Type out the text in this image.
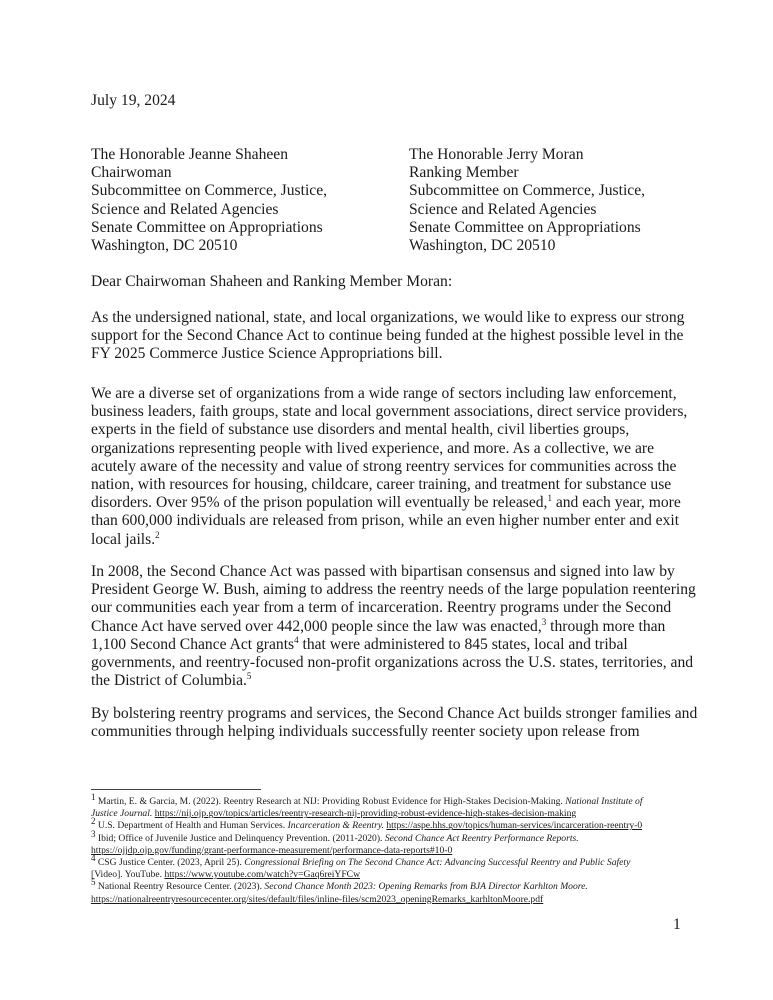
July 19, 2024
The Honorable Jeanne Shaheen
Chairwoman
Subcommittee on Commerce, Justice,
Science and Related Agencies
Senate Committee on Appropriations
Washington, DC 20510
The Honorable Jerry Moran
Ranking Member
Subcommittee on Commerce, Justice,
Science and Related Agencies
Senate Committee on Appropriations
Washington, DC 20510
Dear Chairwoman Shaheen and Ranking Member Moran:
As the undersigned national, state, and local organizations, we would like to express our strong
support for the Second Chance Act to continue being funded at the highest possible level in the
FY 2025 Commerce Justice Science Appropriations bill.
We are a diverse set of organizations from a wide range of sectors including law enforcement,
business leaders, faith groups, state and local government associations, direct service providers,
experts in the field of substance use disorders and mental health, civil liberties groups,
organizations representing people with lived experience, and more. As a collective, we are
acutely aware of the necessity and value of strong reentry services for communities across the
nation, with resources for housing, childcare, career training, and treatment for substance use
disorders. Over 95% of the prison population will eventually be released,$^1$ and each year, more
than 600,000 individuals are released from prison, while an even higher number enter and exit
local jails.$^2$
In 2008, the Second Chance Act was passed with bipartisan consensus and signed into law by
President George W. Bush, aiming to address the reentry needs of the large population reentering
our communities each year from a term of incarceration. Reentry programs under the Second
Chance Act have served over 442,000 people since the law was enacted,$^3$ through more than
1,100 Second Chance Act grants$^4$ that were administered to 845 states, local and tribal
governments, and reentry-focused non-profit organizations across the U.S. states, territories, and
the District of Columbia.$^5$
By bolstering reentry programs and services, the Second Chance Act builds stronger families and
communities through helping individuals successfully reenter society upon release from
$^1$ Martin, E. & Garcia, M. (2022). Reentry Research at NIJ: Providing Robust Evidence for High-Stakes Decision-Making. National Institute of
Justice Journal. https://nij.ojp.gov/topics/articles/reentry-research-nij-providing-robust-evidence-high-stakes-decision-making
$^2$ U.S. Department of Health and Human Services. Incarceration & Reentry. https://aspe.hhs.gov/topics/human-services/incarceration-reentry-0
$^3$ Ibid; Office of Juvenile Justice and Delinquency Prevention. (2011-2020). Second Chance Act Reentry Performance Reports.
https://ojjdp.ojp.gov/funding/grant-performance-measurement/performance-data-reports#10-0
$^4$ CSG Justice Center. (2023, April 25). Congressional Briefing on The Second Chance Act: Advancing Successful Reentry and Public Safety
[Video]. YouTube. https://www.youtube.com/watch?v=Gaq6reiYFCw
$^5$ National Reentry Resource Center. (2023). Second Chance Month 2023: Opening Remarks from BJA Director Karhlton Moore.
https://nationalreentryresourcecenter.org/sites/default/files/inline-files/scm2023_openingRemarks_karhltonMoore.pdf
1
